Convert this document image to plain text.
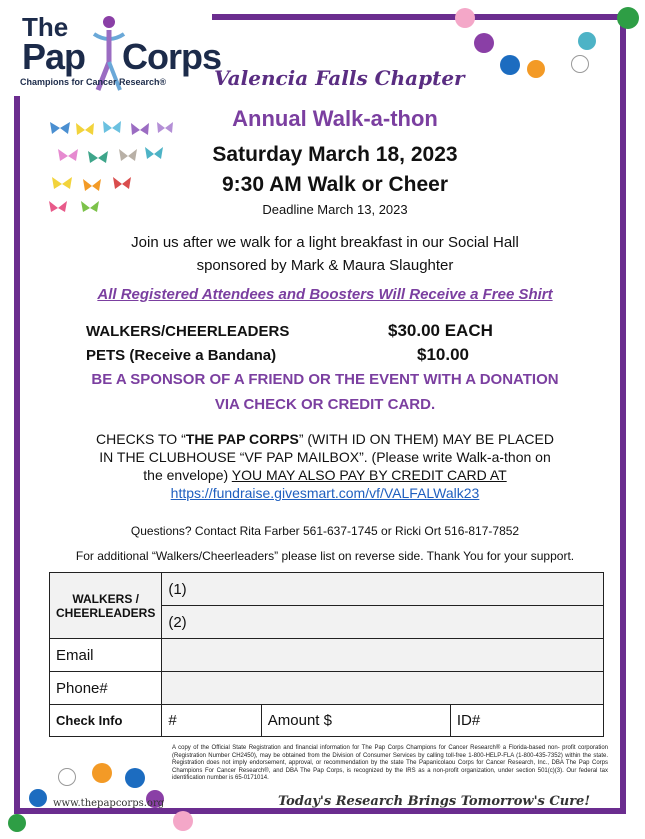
The
Pap Corps
Champions for Cancer Research® Valencia Falls Chapter
Annual Walk-a-thon
Saturday March 18, 2023
9:30 AM Walk or Cheer
Deadline March 13, 2023
Join us after we walk for a light breakfast in our Social Hall
sponsored by Mark & Maura Slaughter
All Registered Attendees and Boosters Will Receive a Free Shirt
WALKERS/CHEERLEADERS	$30.00 EACH
PETS (Receive a Bandana)	$10.00
BE A SPONSOR OF A FRIEND OR THE EVENT WITH A DONATION
VIA CHECK OR CREDIT CARD.
CHECKS TO “THE PAP CORPS” (WITH ID ON THEM) MAY BE PLACED
IN THE CLUBHOUSE “VF PAP MAILBOX”. (Please write Walk-a-thon on
the envelope) YOU MAY ALSO PAY BY CREDIT CARD AT
https://fundraise.givesmart.com/vf/VALFALWalk23
Questions? Contact Rita Farber 561-637-1745 or Ricki Ort 516-817-7852
For additional “Walkers/Cheerleaders” please list on reverse side. Thank You for your support.
WALKERS / CHEERLEADERS	(1)		
	(2)		
Email			
Phone#			
Check Info	#	Amount $	ID#
A copy of the Official State Registration and financial information for The Pap Corps Champions for Cancer Research® a Florida-based non- profit corporation (Registration Number CH2450), may be obtained from the Division of Consumer Services by calling toll-free 1-800-HELP-FLA (1-800-435-7352) within the state. Registration does not imply endorsement, approval, or recommendation by the state The Papanicolaou Corps for Cancer Research, Inc., DBA The Pap Corps Champions For Cancer Research®, and DBA The Pap Corps, is recognized by the IRS as a non-profit organization, under section 501(c)(3). Our federal tax identification number is 65-0171014.
www.thepapcorps.org	Today's Research Brings Tomorrow's Cure!
